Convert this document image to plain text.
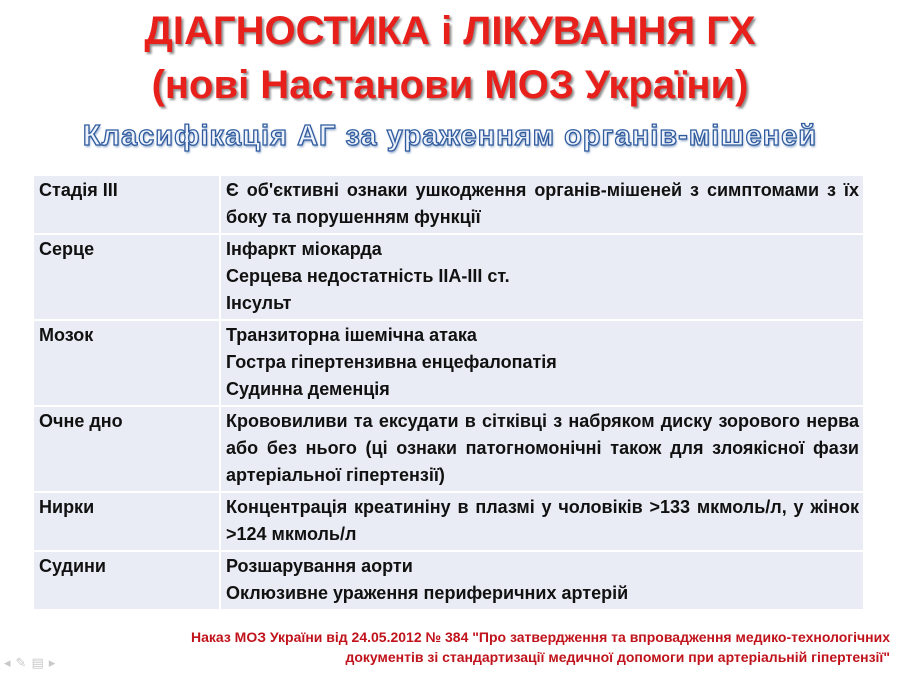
ДІАГНОСТИКА і ЛІКУВАННЯ ГХ
(нові Настанови МОЗ України)
Класифікація АГ за ураженням органів-мішеней
Стадія ІІІ	Є об'єктивні ознаки ушкодження органів-мішеней з симптомами з їх боку та порушенням функції

Серце	Інфаркт міокарда
Серцева недостатність ІІА-ІІІ ст.
Інсульт

Мозок	Транзиторна ішемічна атака
Гостра гіпертензивна енцефалопатія
Судинна деменція

Очне дно	Крововиливи та ексудати в сітківці з набряком диску зорового нерва або без нього (ці ознаки патогномонічні також для злоякісної фази артеріальної гіпертензії)

Нирки	Концентрація креатиніну в плазмі у чоловіків >133 мкмоль/л, у жінок >124 мкмоль/л

Судини	Розшарування аорти
Оклюзивне ураження периферичних артерій
Наказ МОЗ України від 24.05.2012 № 384 "Про затвердження та впровадження медико-технологічних
документів зі стандартизації медичної допомоги при артеріальній гіпертензії"
◂ ✎ ▤ ▸
